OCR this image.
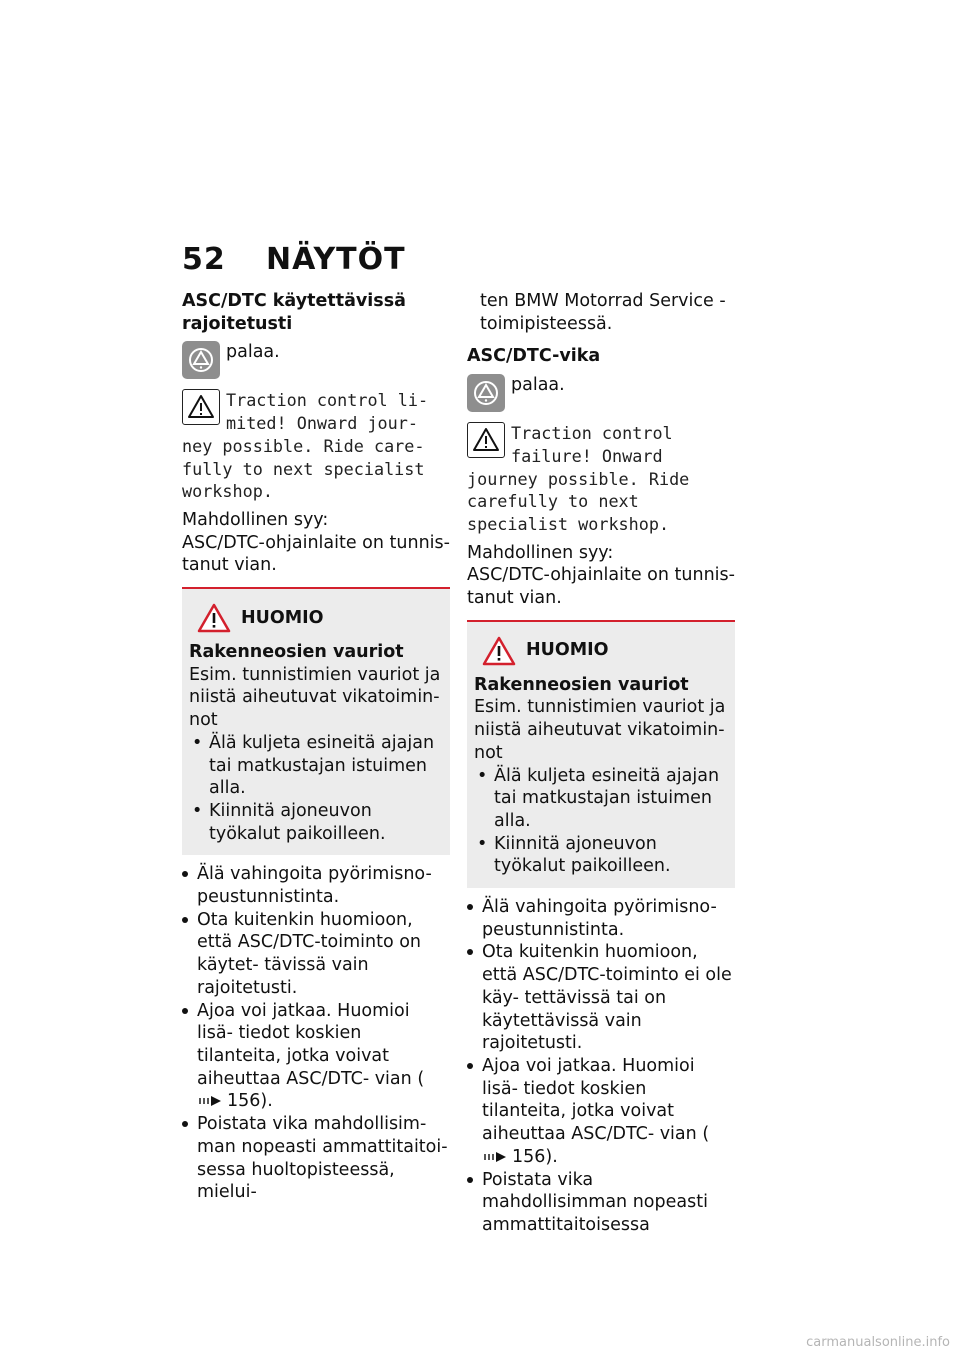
52 NÄYTÖT
ASC/DTC käytettävissä rajoitetusti
palaa.
Traction control li-
mited! Onward jour-
ney possible. Ride care- fully to next specialist workshop.
Mahdollinen syy:
ASC/DTC-ohjainlaite on tunnis- tanut vian.
HUOMIO
Rakenneosien vauriot
Esim. tunnistimien vauriot ja niistä aiheutuvat vikatoimin- not
• Älä kuljeta esineitä ajajan tai matkustajan istuimen alla.
• Kiinnitä ajoneuvon työkalut paikoilleen.
Älä vahingoita pyörimisno- peustunnistinta.
Ota kuitenkin huomioon, että ASC/DTC-toiminto on käytet- tävissä vain rajoitetusti.
Ajoa voi jatkaa. Huomioi lisä- tiedot koskien tilanteita, jotka voivat aiheuttaa ASC/DTC- vian (156).
Poistata vika mahdollisim- man nopeasti ammattitaitoi- sessa huoltopisteessä, mielui-
ten BMW Motorrad Service -toimipisteessä.
ASC/DTC-vika
palaa.
Traction control
failure! Onward
journey possible. Ride carefully to next specialist workshop.
Mahdollinen syy:
ASC/DTC-ohjainlaite on tunnis- tanut vian.
HUOMIO
Rakenneosien vauriot
Esim. tunnistimien vauriot ja niistä aiheutuvat vikatoimin- not
• Älä kuljeta esineitä ajajan tai matkustajan istuimen alla.
• Kiinnitä ajoneuvon työkalut paikoilleen.
Älä vahingoita pyörimisno- peustunnistinta.
Ota kuitenkin huomioon, että ASC/DTC-toiminto ei ole käy- tettävissä tai on käytettävissä vain rajoitetusti.
Ajoa voi jatkaa. Huomioi lisä- tiedot koskien tilanteita, jotka voivat aiheuttaa ASC/DTC- vian (156).
Poistata vika mahdollisimman nopeasti ammattitaitoisessa
carmanualsonline.info
